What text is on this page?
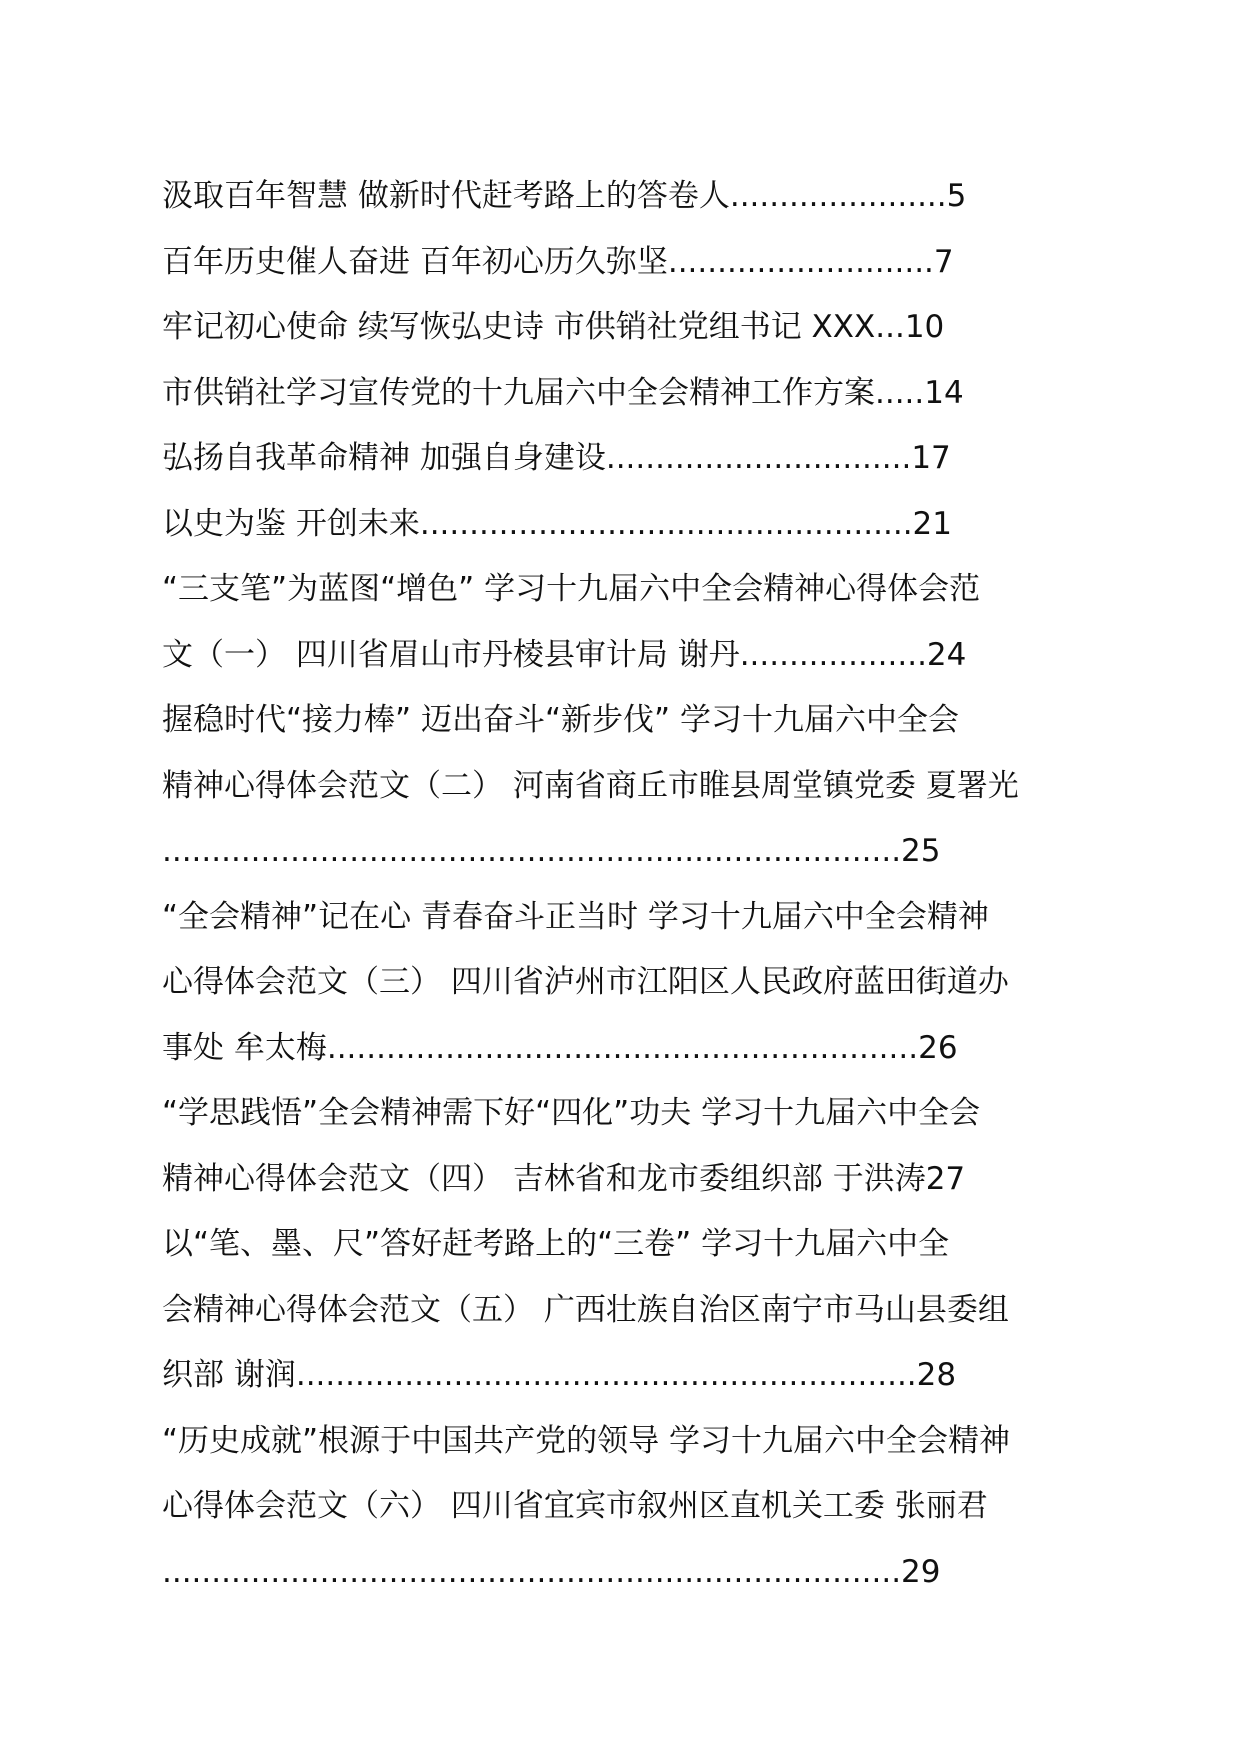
汲取百年智慧 做新时代赶考路上的答卷人......................5
百年历史催人奋进 百年初心历久弥坚...........................7
牢记初心使命 续写恢弘史诗 市供销社党组书记 XXX...10
市供销社学习宣传党的十九届六中全会精神工作方案.....14
弘扬自我革命精神 加强自身建设...............................17
以史为鉴 开创未来..................................................21
“三支笔”为蓝图“增色” 学习十九届六中全会精神心得体会范
文（一） 四川省眉山市丹棱县审计局 谢丹...................24
握稳时代“接力棒” 迈出奋斗“新步伐” 学习十九届六中全会
精神心得体会范文（二） 河南省商丘市睢县周堂镇党委 夏署光
...........................................................................25
“全会精神”记在心 青春奋斗正当时 学习十九届六中全会精神
心得体会范文（三） 四川省泸州市江阳区人民政府蓝田街道办
事处 牟太梅............................................................26
“学思践悟”全会精神需下好“四化”功夫 学习十九届六中全会
精神心得体会范文（四） 吉林省和龙市委组织部 于洪涛27
以“笔、墨、尺”答好赶考路上的“三卷” 学习十九届六中全
会精神心得体会范文（五） 广西壮族自治区南宁市马山县委组
织部 谢润...............................................................28
“历史成就”根源于中国共产党的领导 学习十九届六中全会精神
心得体会范文（六） 四川省宜宾市叙州区直机关工委 张丽君
...........................................................................29
